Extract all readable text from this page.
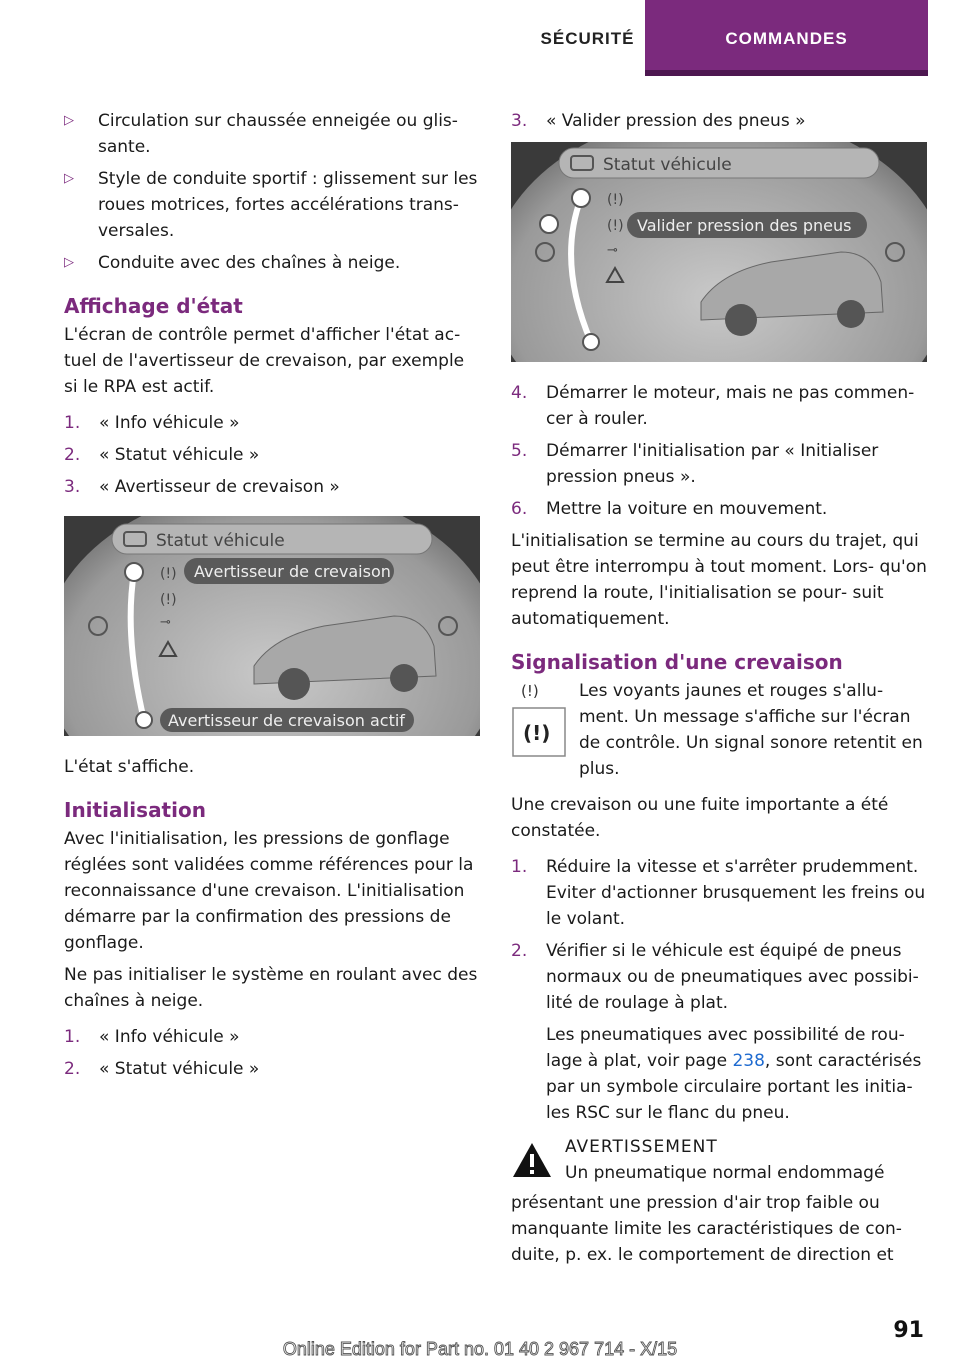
SÉCURITÉ	COMMANDES
▷	Circulation sur chaussée enneigée ou glis‐ sante.
▷	Style de conduite sportif : glissement sur les roues motrices, fortes accélérations trans‐ versales.
▷	Conduite avec des chaînes à neige.
Affichage d'état

L'écran de contrôle permet d'afficher l'état ac‐ tuel de l'avertisseur de crevaison, par exemple si le RPA est actif.

1.	« Info véhicule »
2.	« Statut véhicule »
3.	« Avertisseur de crevaison »
Statut véhicule
Avertisseur de crevaison
(!)
(!)
⊸
Avertisseur de crevaison actif

L'état s'affiche.

Initialisation

Avec l'initialisation, les pressions de gonflage réglées sont validées comme références pour la reconnaissance d'une crevaison. L'initialisation démarre par la confirmation des pressions de gonflage.

Ne pas initialiser le système en roulant avec des chaînes à neige.

1.	« Info véhicule »
2.	« Statut véhicule »
3.	« Valider pression des pneus »
Statut véhicule
Valider pression des pneus
(!)
(!)
⊸
4.	Démarrer le moteur, mais ne pas commen‐ cer à rouler.
5.	Démarrer l'initialisation par « Initialiser pression pneus ».
6.	Mettre la voiture en mouvement.

L'initialisation se termine au cours du trajet, qui peut être interrompu à tout moment. Lors‐ qu'on reprend la route, l'initialisation se pour‐ suit automatiquement.

Signalisation d'une crevaison
(!)
(!)

Les voyants jaunes et rouges s'allu‐ ment. Un message s'affiche sur l'écran de contrôle. Un signal sonore retentit en plus.

Une crevaison ou une fuite importante a été constatée.

1.	Réduire la vitesse et s'arrêter prudemment. Eviter d'actionner brusquement les freins ou le volant.
2.	Vérifier si le véhicule est équipé de pneus normaux ou de pneumatiques avec possibi‐ lité de roulage à plat.
Les pneumatiques avec possibilité de rou‐ lage à plat, voir page 238, sont caractérisés par un symbole circulaire portant les initia‐ les RSC sur le flanc du pneu.
AVERTISSEMENT
Un pneumatique normal endommagé

présentant une pression d'air trop faible ou manquante limite les caractéristiques de con‐ duite, p. ex. le comportement de direction et

91
Online Edition for Part no. 01 40 2 967 714 - X/15
